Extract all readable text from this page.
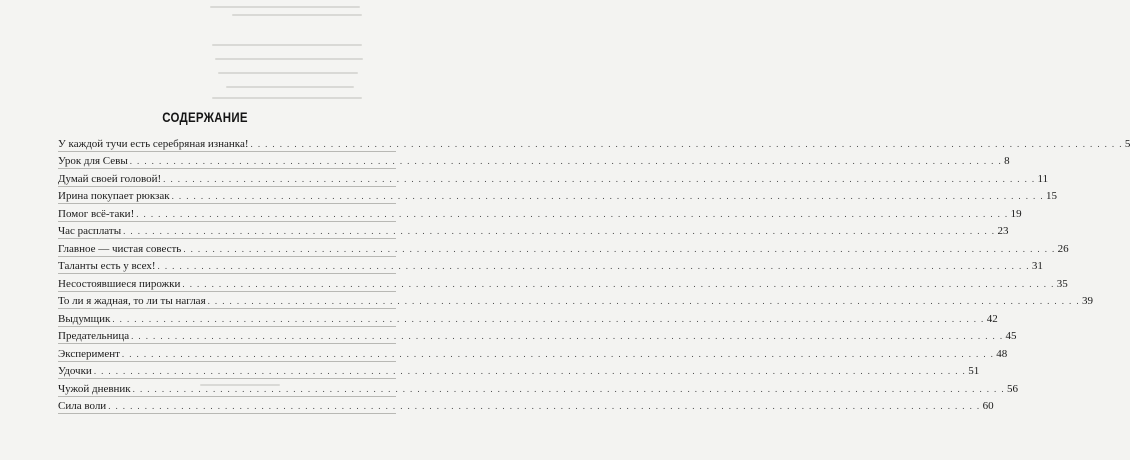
СОДЕРЖАНИЕ
У каждой тучи есть серебряная изнанка! . . . . . . . . . . . . . . . . . . . . . . . . . . . . . . . . . . . . . . . . . . . . . . . . . . . . . . . . . . . . . . . . . . . . . . . . . . . . . . . . . . . . . . . . . . . . . . . . . . . . . . . . . . . . . . . . . . . . . . . . 5
Урок для Севы . . . . . . . . . . . . . . . . . . . . . . . . . . . . . . . . . . . . . . . . . . . . . . . . . . . . . . . . . . . . . . . . . . . . . . . . . . . . . . . . . . . . . . . . . . . . . . . . . . . . . . . . . . . . . . . . . . . . . . . . 8
Думай своей головой! . . . . . . . . . . . . . . . . . . . . . . . . . . . . . . . . . . . . . . . . . . . . . . . . . . . . . . . . . . . . . . . . . . . . . . . . . . . . . . . . . . . . . . . . . . . . . . . . . . . . . . . . . . . . . . . . . . . . . . . . 11
Ирина покупает рюкзак . . . . . . . . . . . . . . . . . . . . . . . . . . . . . . . . . . . . . . . . . . . . . . . . . . . . . . . . . . . . . . . . . . . . . . . . . . . . . . . . . . . . . . . . . . . . . . . . . . . . . . . . . . . . . . . . . . . . . . . . 15
Помог всё-таки! . . . . . . . . . . . . . . . . . . . . . . . . . . . . . . . . . . . . . . . . . . . . . . . . . . . . . . . . . . . . . . . . . . . . . . . . . . . . . . . . . . . . . . . . . . . . . . . . . . . . . . . . . . . . . . . . . . . . . . . . 19
Час расплаты . . . . . . . . . . . . . . . . . . . . . . . . . . . . . . . . . . . . . . . . . . . . . . . . . . . . . . . . . . . . . . . . . . . . . . . . . . . . . . . . . . . . . . . . . . . . . . . . . . . . . . . . . . . . . . . . . . . . . . . . 23
Главное — чистая совесть . . . . . . . . . . . . . . . . . . . . . . . . . . . . . . . . . . . . . . . . . . . . . . . . . . . . . . . . . . . . . . . . . . . . . . . . . . . . . . . . . . . . . . . . . . . . . . . . . . . . . . . . . . . . . . . . . . . . . . . . 26
Таланты есть у всех! . . . . . . . . . . . . . . . . . . . . . . . . . . . . . . . . . . . . . . . . . . . . . . . . . . . . . . . . . . . . . . . . . . . . . . . . . . . . . . . . . . . . . . . . . . . . . . . . . . . . . . . . . . . . . . . . . . . . . . . . 31
Несостоявшиеся пирожки . . . . . . . . . . . . . . . . . . . . . . . . . . . . . . . . . . . . . . . . . . . . . . . . . . . . . . . . . . . . . . . . . . . . . . . . . . . . . . . . . . . . . . . . . . . . . . . . . . . . . . . . . . . . . . . . . . . . . . . . 35
То ли я жадная, то ли ты наглая . . . . . . . . . . . . . . . . . . . . . . . . . . . . . . . . . . . . . . . . . . . . . . . . . . . . . . . . . . . . . . . . . . . . . . . . . . . . . . . . . . . . . . . . . . . . . . . . . . . . . . . . . . . . . . . . . . . . . . . . 39
Выдумщик . . . . . . . . . . . . . . . . . . . . . . . . . . . . . . . . . . . . . . . . . . . . . . . . . . . . . . . . . . . . . . . . . . . . . . . . . . . . . . . . . . . . . . . . . . . . . . . . . . . . . . . . . . . . . . . . . . . . . . . . 42
Предательница . . . . . . . . . . . . . . . . . . . . . . . . . . . . . . . . . . . . . . . . . . . . . . . . . . . . . . . . . . . . . . . . . . . . . . . . . . . . . . . . . . . . . . . . . . . . . . . . . . . . . . . . . . . . . . . . . . . . . . . . 45
Эксперимент . . . . . . . . . . . . . . . . . . . . . . . . . . . . . . . . . . . . . . . . . . . . . . . . . . . . . . . . . . . . . . . . . . . . . . . . . . . . . . . . . . . . . . . . . . . . . . . . . . . . . . . . . . . . . . . . . . . . . . . . 48
Удочки . . . . . . . . . . . . . . . . . . . . . . . . . . . . . . . . . . . . . . . . . . . . . . . . . . . . . . . . . . . . . . . . . . . . . . . . . . . . . . . . . . . . . . . . . . . . . . . . . . . . . . . . . . . . . . . . . . . . . . . . 51
Чужой дневник . . . . . . . . . . . . . . . . . . . . . . . . . . . . . . . . . . . . . . . . . . . . . . . . . . . . . . . . . . . . . . . . . . . . . . . . . . . . . . . . . . . . . . . . . . . . . . . . . . . . . . . . . . . . . . . . . . . . . . . . 56
Сила воли . . . . . . . . . . . . . . . . . . . . . . . . . . . . . . . . . . . . . . . . . . . . . . . . . . . . . . . . . . . . . . . . . . . . . . . . . . . . . . . . . . . . . . . . . . . . . . . . . . . . . . . . . . . . . . . . . . . . . . . . 60
